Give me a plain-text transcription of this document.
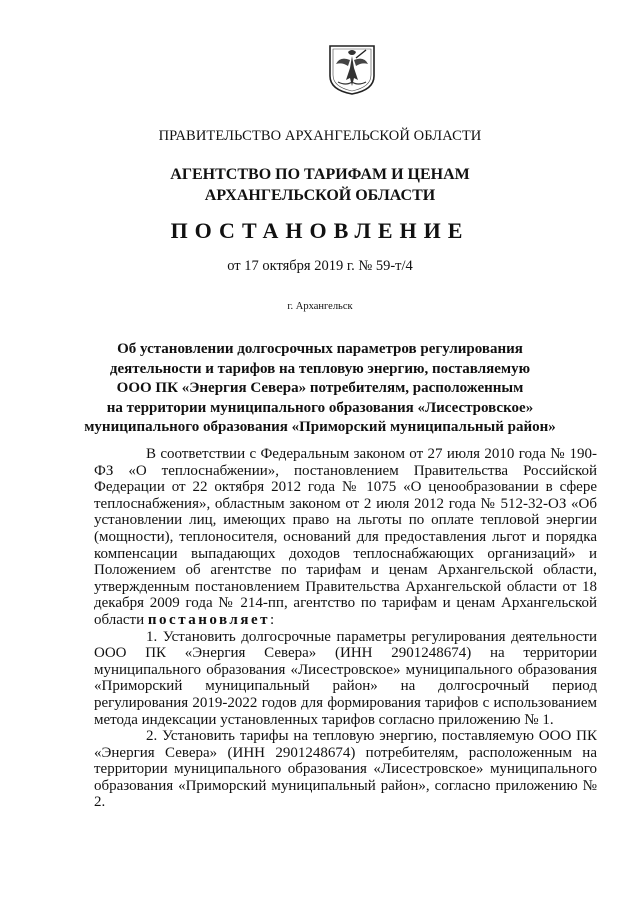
ПРАВИТЕЛЬСТВО АРХАНГЕЛЬСКОЙ ОБЛАСТИ
АГЕНТСТВО ПО ТАРИФАМ И ЦЕНАМ
АРХАНГЕЛЬСКОЙ ОБЛАСТИ
ПОСТАНОВЛЕНИЕ
от 17 октября 2019 г. № 59-т/4
г. Архангельск
Об установлении долгосрочных параметров регулирования
деятельности и тарифов на тепловую энергию, поставляемую
ООО ПК «Энергия Севера» потребителям, расположенным
на территории муниципального образования «Лисестровское»
муниципального образования «Приморский муниципальный район»

В соответствии с Федеральным законом от 27 июля 2010 года № 190-ФЗ «О теплоснабжении», постановлением Правительства Российской Федерации от 22 октября 2012 года № 1075 «О ценообразовании в сфере теплоснабжения», областным законом от 2 июля 2012 года № 512-32-ОЗ «Об установлении лиц, имеющих право на льготы по оплате тепловой энергии (мощности), теплоносителя, оснований для предоставления льгот и порядка компенсации выпадающих доходов теплоснабжающих организаций» и Положением об агентстве по тарифам и ценам Архангельской области, утвержденным постановлением Правительства Архангельской области от 18 декабря 2009 года № 214-пп, агентство по тарифам и ценам Архангельской области постановляет:

1. Установить долгосрочные параметры регулирования деятельности ООО ПК «Энергия Севера» (ИНН 2901248674) на территории муниципального образования «Лисестровское» муниципального образования «Приморский муниципальный район» на долгосрочный период регулирования 2019-2022 годов для формирования тарифов с использованием метода индексации установленных тарифов согласно приложению № 1.

2. Установить тарифы на тепловую энергию, поставляемую ООО ПК «Энергия Севера» (ИНН 2901248674) потребителям, расположенным на территории муниципального образования «Лисестровское» муниципального образования «Приморский муниципальный район», согласно приложению № 2.
